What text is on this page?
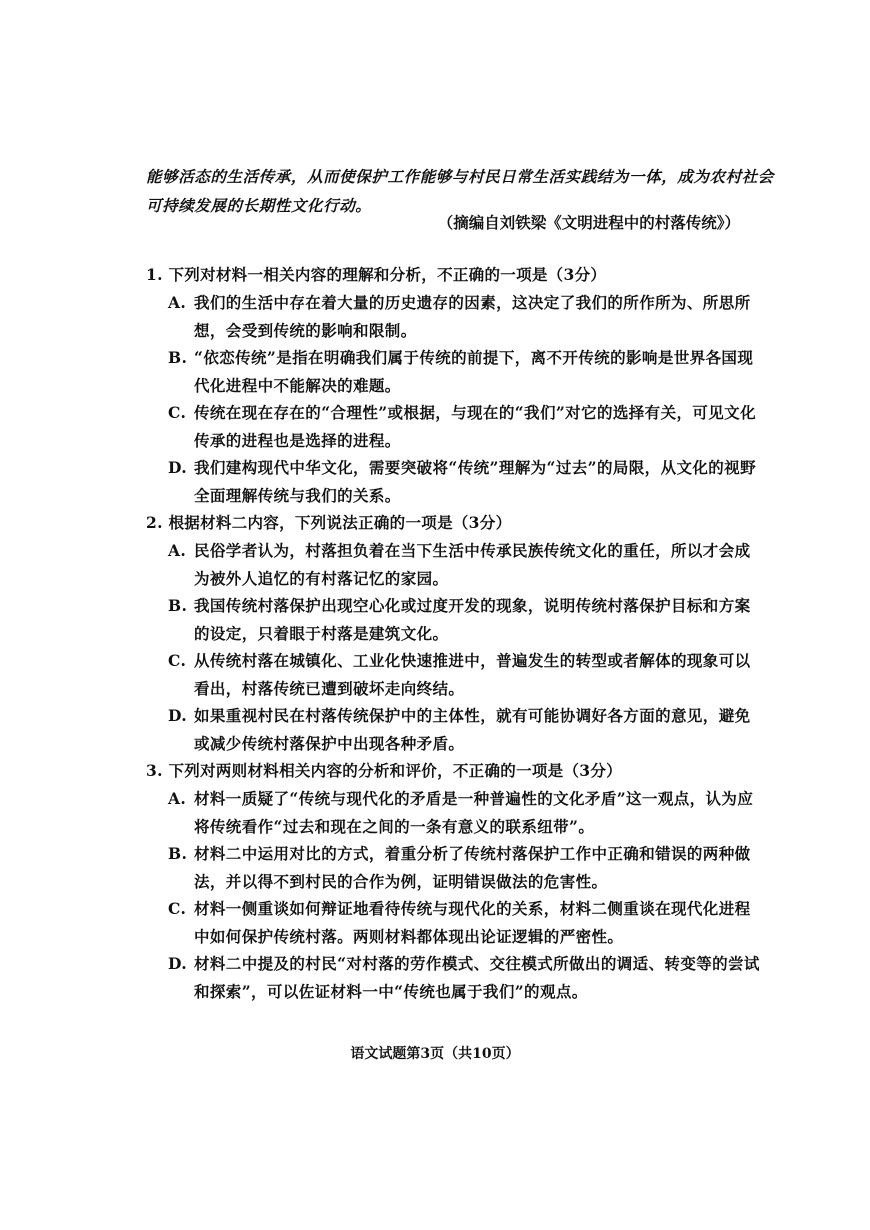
能够活态的生活传承，从而使保护工作能够与村民日常生活实践结为一体，成为农村社会可持续发展的长期性文化行动。
（摘编自刘铁梁《文明进程中的村落传统》）
1. 下列对材料一相关内容的理解和分析，不正确的一项是（3分）
A. 我们的生活中存在着大量的历史遗存的因素，这决定了我们的所作所为、所思所想，会受到传统的影响和限制。
B. “依恋传统”是指在明确我们属于传统的前提下，离不开传统的影响是世界各国现代化进程中不能解决的难题。
C. 传统在现在存在的“合理性”或根据，与现在的“我们”对它的选择有关，可见文化传承的进程也是选择的进程。
D. 我们建构现代中华文化，需要突破将“传统”理解为“过去”的局限，从文化的视野全面理解传统与我们的关系。
2. 根据材料二内容，下列说法正确的一项是（3分）
A. 民俗学者认为，村落担负着在当下生活中传承民族传统文化的重任，所以才会成为被外人追忆的有村落记忆的家园。
B. 我国传统村落保护出现空心化或过度开发的现象，说明传统村落保护目标和方案的设定，只着眼于村落是建筑文化。
C. 从传统村落在城镇化、工业化快速推进中，普遍发生的转型或者解体的现象可以看出，村落传统已遭到破坏走向终结。
D. 如果重视村民在村落传统保护中的主体性，就有可能协调好各方面的意见，避免或减少传统村落保护中出现各种矛盾。
3. 下列对两则材料相关内容的分析和评价，不正确的一项是（3分）
A. 材料一质疑了“传统与现代化的矛盾是一种普遍性的文化矛盾”这一观点，认为应将传统看作“过去和现在之间的一条有意义的联系纽带”。
B. 材料二中运用对比的方式，着重分析了传统村落保护工作中正确和错误的两种做法，并以得不到村民的合作为例，证明错误做法的危害性。
C. 材料一侧重谈如何辩证地看待传统与现代化的关系，材料二侧重谈在现代化进程中如何保护传统村落。两则材料都体现出论证逻辑的严密性。
D. 材料二中提及的村民“对村落的劳作模式、交往模式所做出的调适、转变等的尝试和探索”，可以佐证材料一中“传统也属于我们”的观点。
语文试题第3页（共10页）
